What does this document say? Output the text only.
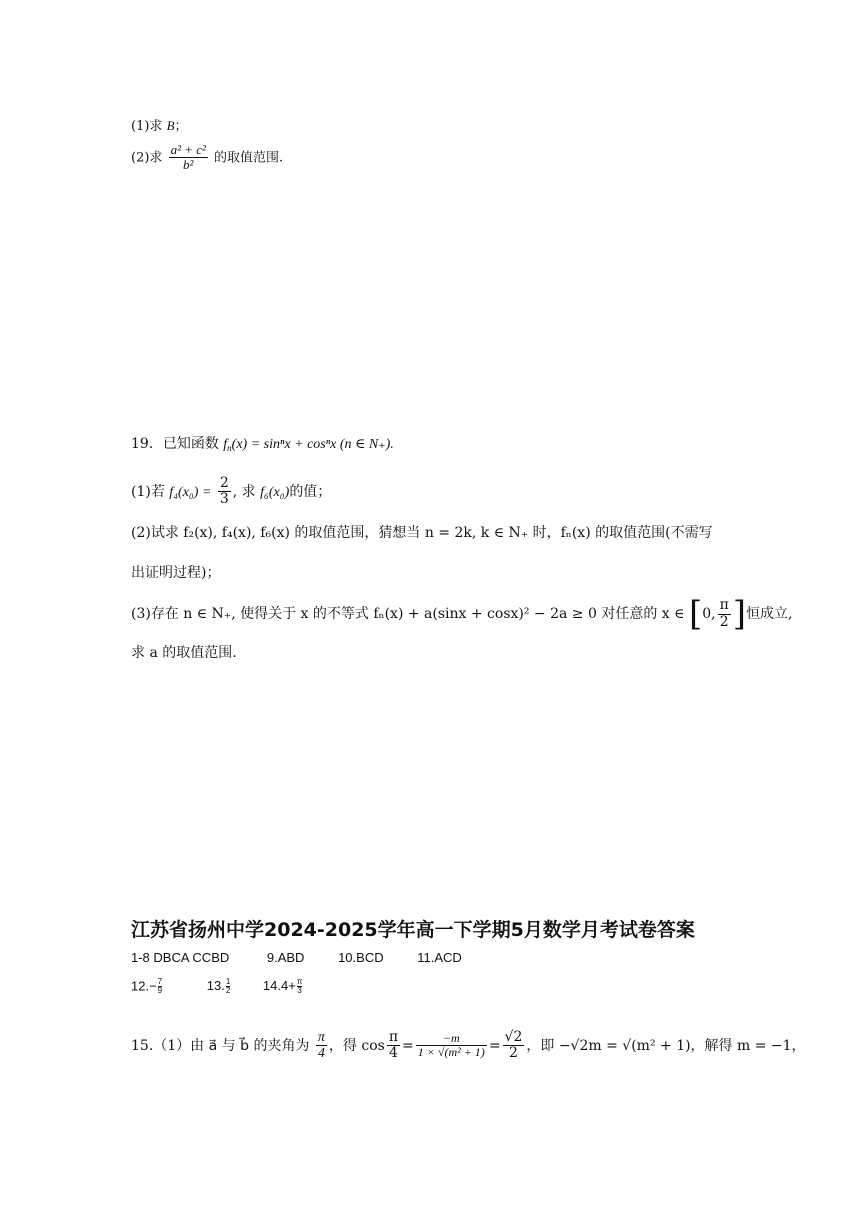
(1)求 B；
(2)求 $\frac{\text{a² + c²}}{\text{b²}}$ 的取值范围.
19．已知函数 $f_n(x) = \sin^nx + \cos^nx$ (n ∈ N₊).
(1)若 $f_4(x_0) = \frac{2}{3}$ , 求 f₆(x₀)的值；
(2)试求 f₂(x), f₄(x), f₆(x) 的取值范围，猜想当 n = 2k, k ∈ N₊ 时，fₙ(x) 的取值范围(不需写
出证明过程)；
(3)存在 n ∈ N₊, 使得关于 x 的不等式 fₙ(x) + a(sinx + cosx)² − 2a ≥ 0 对任意的 x ∈ [0, $\frac{\pi}{2}$ ]恒成立,
求 a 的取值范围.
江苏省扬州中学2024-2025学年高一下学期5月数学月考试卷答案
1-8 DBCA CCBD	9.ABD	10.BCD	11.ACD
$12.-\frac{7}{9}$	$13.\frac{1}{2}$	$14.4+\frac{\pi}{3}$
15.（1）由 a⃗ 与 b⃗ 的夹角为 $\frac{\pi}{4}$ ，得 $\cos \frac{\pi}{4} = \frac{-m}{\text{1 × √(m² + 1)}} = \frac{√2}{2}$ ，即 −√2m = √(m² + 1)，解得 m = −1，
